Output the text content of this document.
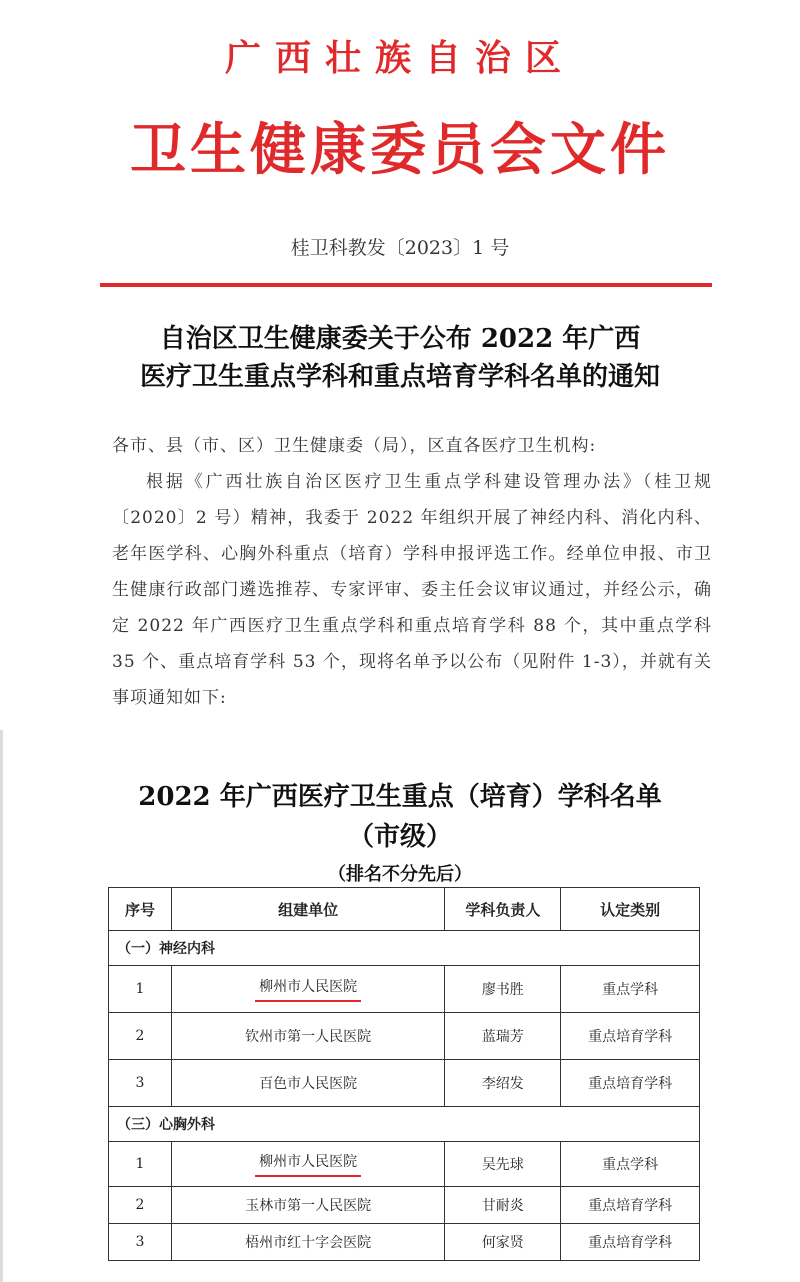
广西壮族自治区
卫生健康委员会文件
桂卫科教发〔2023〕1 号
自治区卫生健康委关于公布 2022 年广西
医疗卫生重点学科和重点培育学科名单的通知

各市、县（市、区）卫生健康委（局），区直各医疗卫生机构:

根据《广西壮族自治区医疗卫生重点学科建设管理办法》（桂卫规〔2020〕2 号）精神，我委于 2022 年组织开展了神经内科、消化内科、老年医学科、心胸外科重点（培育）学科申报评选工作。经单位申报、市卫生健康行政部门遴选推荐、专家评审、委主任会议审议通过，并经公示，确定 2022 年广西医疗卫生重点学科和重点培育学科 88 个，其中重点学科 35 个、重点培育学科 53 个，现将名单予以公布（见附件 1-3），并就有关事项通知如下:

2022 年广西医疗卫生重点（培育）学科名单
（市级）
（排名不分先后）
序号	组建单位	学科负责人	认定类别
（一）神经内科			
1	柳州市人民医院	廖书胜	重点学科
2	钦州市第一人民医院	蓝瑞芳	重点培育学科
3	百色市人民医院	李绍发	重点培育学科
（三）心胸外科			
1	柳州市人民医院	吴先球	重点学科
2	玉林市第一人民医院	甘耐炎	重点培育学科
3	梧州市红十字会医院	何家贤	重点培育学科
